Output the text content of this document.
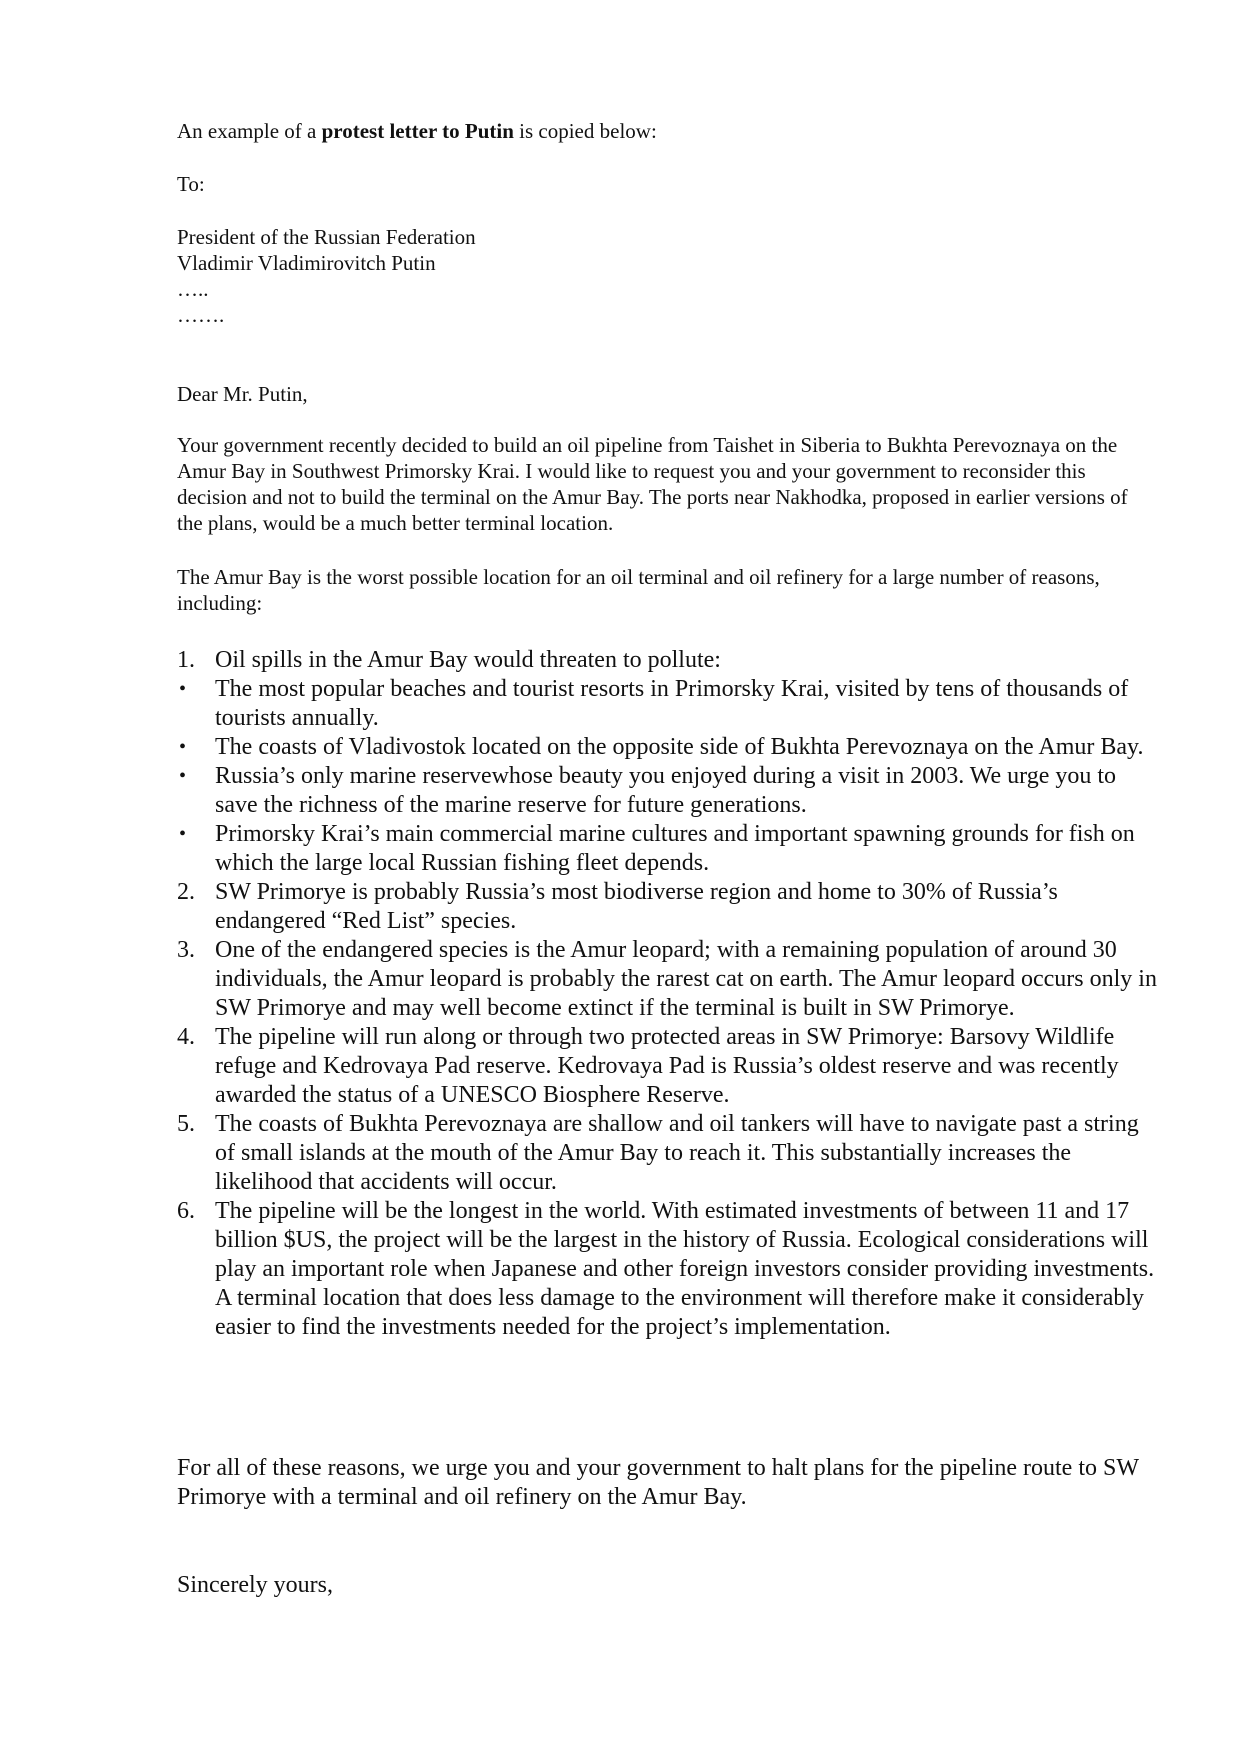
An example of a protest letter to Putin is copied below:

To:

President of the Russian Federation
Vladimir Vladimirovitch Putin
…..
…….

Dear Mr. Putin,

Your government recently decided to build an oil pipeline from Taishet in Siberia to Bukhta Perevoznaya on the Amur Bay in Southwest Primorsky Krai. I would like to request you and your government to reconsider this decision and not to build the terminal on the Amur Bay. The ports near Nakhodka, proposed in earlier versions of the plans, would be a much better terminal location.

The Amur Bay is the worst possible location for an oil terminal and oil refinery for a large number of reasons, including:

1. Oil spills in the Amur Bay would threaten to pollute:
• The most popular beaches and tourist resorts in Primorsky Krai, visited by tens of thousands of tourists annually.
• The coasts of Vladivostok located on the opposite side of Bukhta Perevoznaya on the Amur Bay.
• Russia’s only marine reservewhose beauty you enjoyed during a visit in 2003. We urge you to save the richness of the marine reserve for future generations.
• Primorsky Krai’s main commercial marine cultures and important spawning grounds for fish on which the large local Russian fishing fleet depends.
2. SW Primorye is probably Russia’s most biodiverse region and home to 30% of Russia’s endangered “Red List” species.
3. One of the endangered species is the Amur leopard; with a remaining population of around 30 individuals, the Amur leopard is probably the rarest cat on earth. The Amur leopard occurs only in SW Primorye and may well become extinct if the terminal is built in SW Primorye.
4. The pipeline will run along or through two protected areas in SW Primorye: Barsovy Wildlife refuge and Kedrovaya Pad reserve. Kedrovaya Pad is Russia’s oldest reserve and was recently awarded the status of a UNESCO Biosphere Reserve.
5. The coasts of Bukhta Perevoznaya are shallow and oil tankers will have to navigate past a string of small islands at the mouth of the Amur Bay to reach it. This substantially increases the likelihood that accidents will occur.
6. The pipeline will be the longest in the world. With estimated investments of between 11 and 17 billion $US, the project will be the largest in the history of Russia. Ecological considerations will play an important role when Japanese and other foreign investors consider providing investments. A terminal location that does less damage to the environment will therefore make it considerably easier to find the investments needed for the project’s implementation.

For all of these reasons, we urge you and your government to halt plans for the pipeline route to SW Primorye with a terminal and oil refinery on the Amur Bay.

Sincerely yours,
